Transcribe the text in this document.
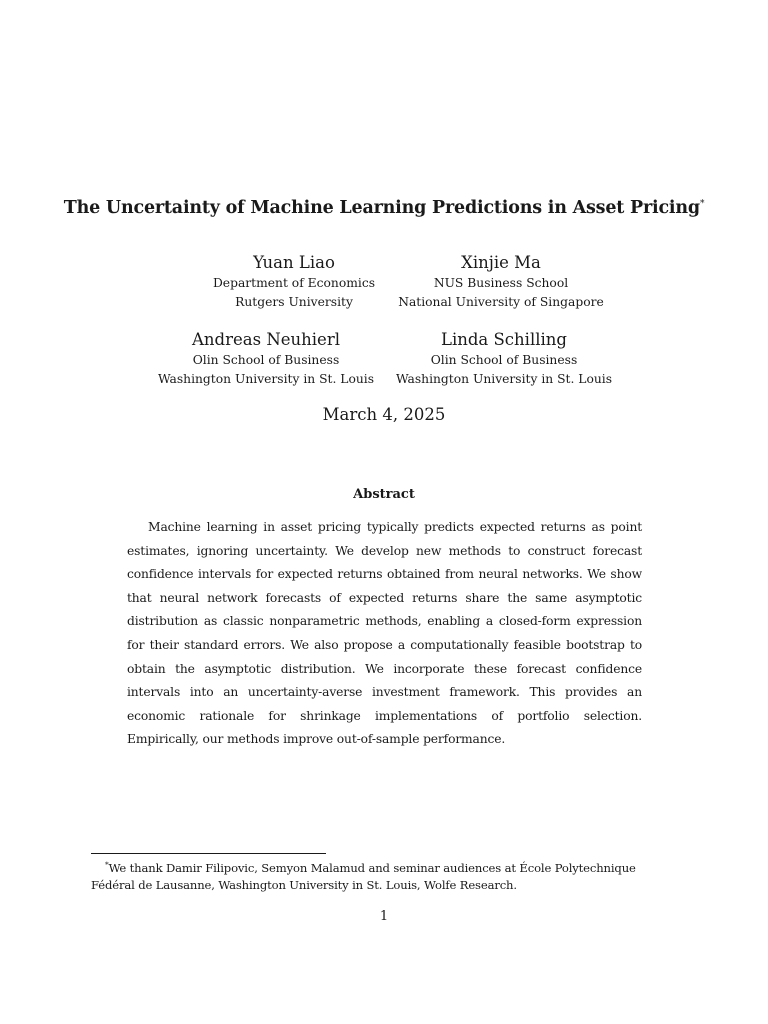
The Uncertainty of Machine Learning Predictions in Asset Pricing*
Yuan Liao
Department of Economics
Rutgers University
Xinjie Ma
NUS Business School
National University of Singapore
Andreas Neuhierl
Olin School of Business
Washington University in St. Louis
Linda Schilling
Olin School of Business
Washington University in St. Louis
March 4, 2025
Abstract
Machine learning in asset pricing typically predicts expected returns as point estimates, ignoring uncertainty. We develop new methods to construct forecast confidence intervals for expected returns obtained from neural networks. We show that neural network forecasts of expected returns share the same asymptotic distribution as classic nonparametric methods, enabling a closed-form expression for their standard errors. We also propose a computationally feasible bootstrap to obtain the asymptotic distribution. We incorporate these forecast confidence intervals into an uncertainty-averse investment framework. This provides an economic rationale for shrinkage implementations of portfolio selection. Empirically, our methods improve out-of-sample performance.
*We thank Damir Filipovic, Semyon Malamud and seminar audiences at École Polytechnique Fédéral de Lausanne, Washington University in St. Louis, Wolfe Research.
1
